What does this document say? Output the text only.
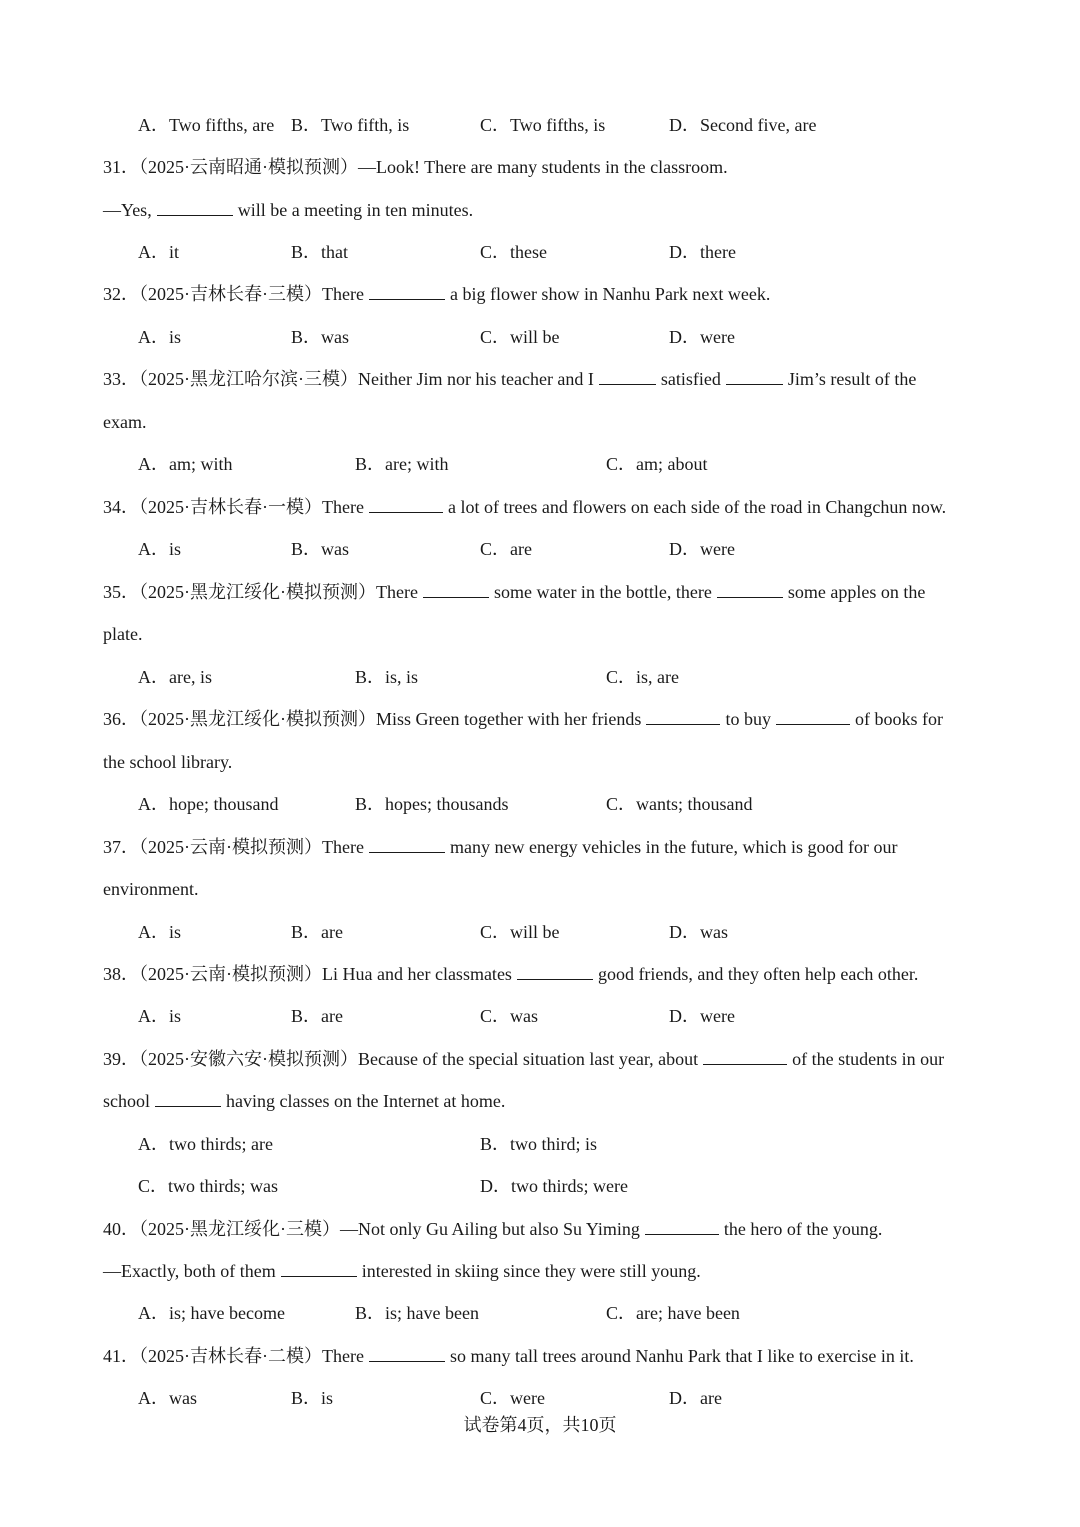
A．Two fifths, are B．Two fifth, is	C．Two fifths, is	D．Second five, are
31．（2025·云南昭通·模拟预测）—Look! There are many students in the classroom.
—Yes,	will be a meeting in ten minutes.
A．it	B．that	C．these	D．there
32．（2025·吉林长春·三模）There	a big flower show in Nanhu Park next week.
A．is	B．was	C．will be	D．were
33．（2025·黑龙江哈尔滨·三模）Neither Jim nor his teacher and I	satisfied	Jim’s result of the
exam.
A．am; with	B．are; with	C．am; about
34．（2025·吉林长春·一模）There	a lot of trees and flowers on each side of the road in Changchun now.
A．is	B．was	C．are	D．were
35．（2025·黑龙江绥化·模拟预测）There	some water in the bottle, there	some apples on the
plate.
A．are, is	B．is, is	C．is, are
36．（2025·黑龙江绥化·模拟预测）Miss Green together with her friends	to buy	of books for
the school library.
A．hope; thousand	B．hopes; thousands	C．wants; thousand
37．（2025·云南·模拟预测）There	many new energy vehicles in the future, which is good for our
environment.
A．is	B．are	C．will be	D．was
38．（2025·云南·模拟预测）Li Hua and her classmates	good friends, and they often help each other.
A．is	B．are	C．was	D．were
39．（2025·安徽六安·模拟预测）Because of the special situation last year, about	of the students in our
school	having classes on the Internet at home.
A．two thirds; are	B．two third; is
C．two thirds; was	D．two thirds; were
40．（2025·黑龙江绥化·三模）—Not only Gu Ailing but also Su Yiming	the hero of the young.
—Exactly, both of them	interested in skiing since they were still young.
A．is; have become	B．is; have been	C．are; have been
41．（2025·吉林长春·二模）There	so many tall trees around Nanhu Park that I like to exercise in it.
A．was	B．is	C．were	D．are
试卷第4页，共10页
